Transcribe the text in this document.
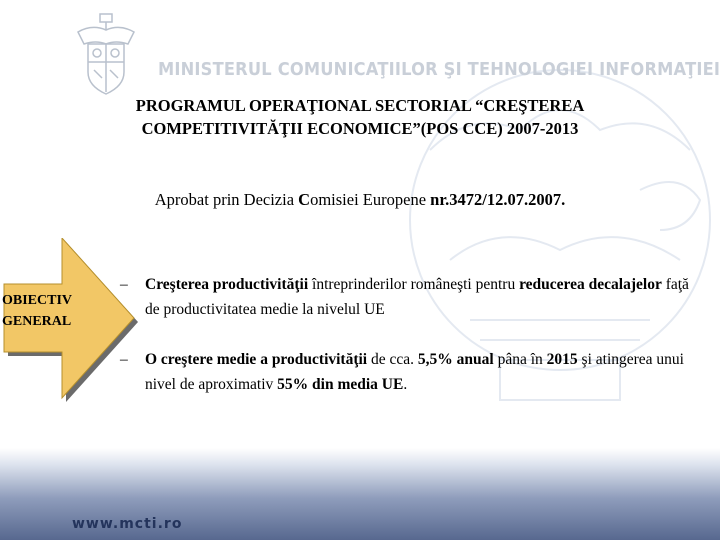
MINISTERUL COMUNICAŢIILOR ŞI TEHNOLOGIEI INFORMAŢIEI
PROGRAMUL OPERAŢIONAL SECTORIAL “CREŞTEREA
COMPETITIVITĂŢII ECONOMICE”(POS CCE) 2007-2013
Aprobat prin Decizia Comisiei Europene nr.3472/12.07.2007.
OBIECTIV
GENERAL
– Creşterea productivităţii întreprinderilor româneşti pentru reducerea decalajelor faţă de productivitatea medie la nivelul UE
– O creştere medie a productivităţii de cca. 5,5% anual pâna în 2015 şi atingerea unui nivel de aproximativ 55% din media UE.
www.mcti.ro
